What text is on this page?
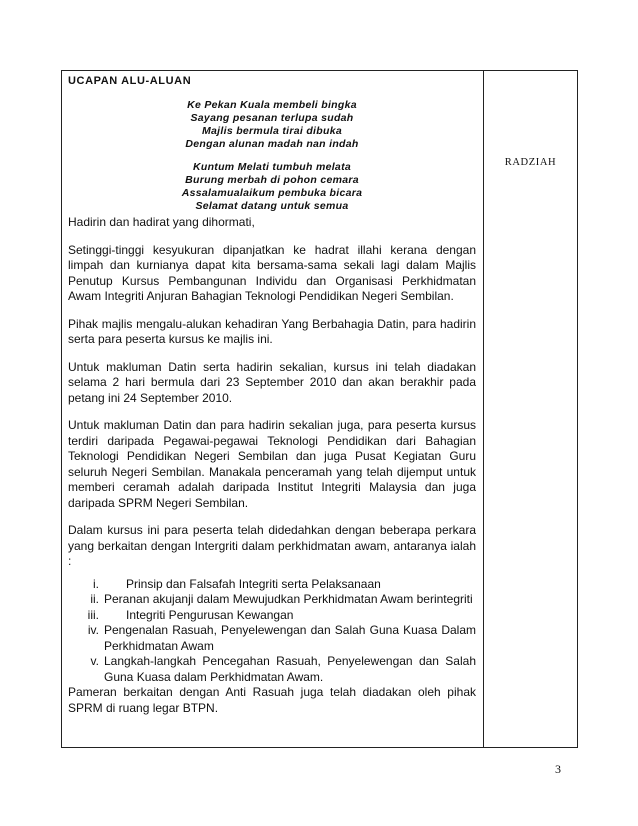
UCAPAN ALU-ALUAN
Ke Pekan Kuala membeli bingka
Sayang pesanan terlupa sudah
Majlis bermula tirai dibuka
Dengan alunan madah nan indah
Kuntum Melati tumbuh melata
Burung merbah di pohon cemara
Assalamualaikum pembuka bicara
Selamat datang untuk semua
Hadirin dan hadirat yang dihormati,
Setinggi-tinggi kesyukuran dipanjatkan ke hadrat illahi kerana dengan limpah dan kurnianya dapat kita bersama-sama sekali lagi dalam Majlis Penutup Kursus Pembangunan Individu dan Organisasi Perkhidmatan Awam Integriti Anjuran Bahagian Teknologi Pendidikan Negeri Sembilan.
Pihak majlis mengalu-alukan kehadiran Yang Berbahagia Datin, para hadirin serta para peserta kursus ke majlis ini.
Untuk makluman Datin serta hadirin sekalian, kursus ini telah diadakan selama 2 hari bermula dari 23 September 2010 dan akan berakhir pada petang ini 24 September 2010.
Untuk makluman Datin dan para hadirin sekalian juga, para peserta kursus terdiri daripada Pegawai-pegawai Teknologi Pendidikan dari Bahagian Teknologi Pendidikan Negeri Sembilan dan juga Pusat Kegiatan Guru seluruh Negeri Sembilan. Manakala penceramah yang telah dijemput untuk memberi ceramah adalah daripada Institut Integriti Malaysia dan juga daripada SPRM Negeri Sembilan.
Dalam kursus ini para peserta telah didedahkan dengan beberapa perkara yang berkaitan dengan Intergriti dalam perkhidmatan awam, antaranya ialah :
i.	Prinsip dan Falsafah Integriti serta Pelaksanaan
ii. Peranan akujanji dalam Mewujudkan Perkhidmatan Awam berintegriti
iii.	Integriti Pengurusan Kewangan
iv. Pengenalan Rasuah, Penyelewengan dan Salah Guna Kuasa Dalam Perkhidmatan Awam
v. Langkah-langkah Pencegahan Rasuah, Penyelewengan dan Salah Guna Kuasa dalam Perkhidmatan Awam.
Pameran berkaitan dengan Anti Rasuah juga telah diadakan oleh pihak SPRM di ruang legar BTPN.
RADZIAH
3
